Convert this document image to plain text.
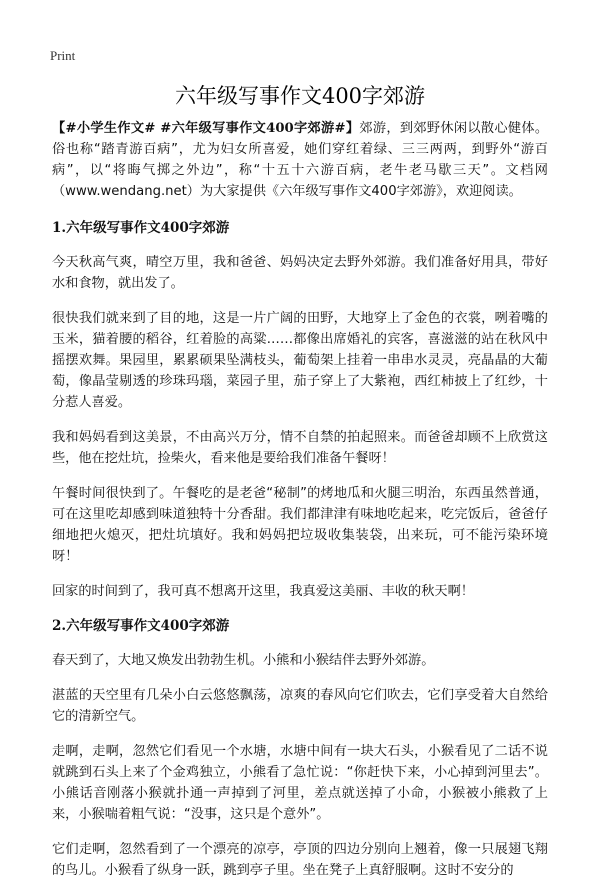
Print
六年级写事作文400字郊游

【#小学生作文# #六年级写事作文400字郊游#】郊游，到郊野休闲以散心健体。俗也称“踏青游百病”，尤为妇女所喜爱，她们穿红着绿、三三两两，到野外“游百病”，以“将晦气掷之外边”，称“十五十六游百病，老牛老马歇三天”。文档网（www.wendang.net）为大家提供《六年级写事作文400字郊游》，欢迎阅读。

1.六年级写事作文400字郊游

今天秋高气爽，晴空万里，我和爸爸、妈妈决定去野外郊游。我们准备好用具，带好水和食物，就出发了。

很快我们就来到了目的地，这是一片广阔的田野，大地穿上了金色的衣裳，咧着嘴的玉米，猫着腰的稻谷，红着脸的高粱……都像出席婚礼的宾客，喜滋滋的站在秋风中摇摆欢舞。果园里，累累硕果坠满枝头，葡萄架上挂着一串串水灵灵，亮晶晶的大葡萄，像晶莹剔透的珍珠玛瑙，菜园子里，茄子穿上了大紫袍，西红柿披上了红纱，十分惹人喜爱。

我和妈妈看到这美景，不由高兴万分，情不自禁的拍起照来。而爸爸却顾不上欣赏这些，他在挖灶坑，捡柴火，看来他是要给我们准备午餐呀！

午餐时间很快到了。午餐吃的是老爸“秘制”的烤地瓜和火腿三明治，东西虽然普通，可在这里吃却感到味道独特十分香甜。我们都津津有味地吃起来，吃完饭后，爸爸仔细地把火熄灭，把灶坑填好。我和妈妈把垃圾收集装袋，出来玩，可不能污染环境呀！

回家的时间到了，我可真不想离开这里，我真爱这美丽、丰收的秋天啊！

2.六年级写事作文400字郊游

春天到了，大地又焕发出勃勃生机。小熊和小猴结伴去野外郊游。

湛蓝的天空里有几朵小白云悠悠飘荡，凉爽的春风向它们吹去，它们享受着大自然给它的清新空气。

走啊，走啊，忽然它们看见一个水塘，水塘中间有一块大石头，小猴看见了二话不说就跳到石头上来了个金鸡独立，小熊看了急忙说：“你赶快下来，小心掉到河里去”。小熊话音刚落小猴就扑通一声掉到了河里，差点就送掉了小命，小猴被小熊救了上来，小猴喘着粗气说：“没事，这只是个意外”。

它们走啊，忽然看到了一个漂亮的凉亭，亭顶的四边分别向上翘着，像一只展翅飞翔的鸟儿。小猴看了纵身一跃，跳到亭子里。坐在凳子上真舒服啊。这时不安分的
